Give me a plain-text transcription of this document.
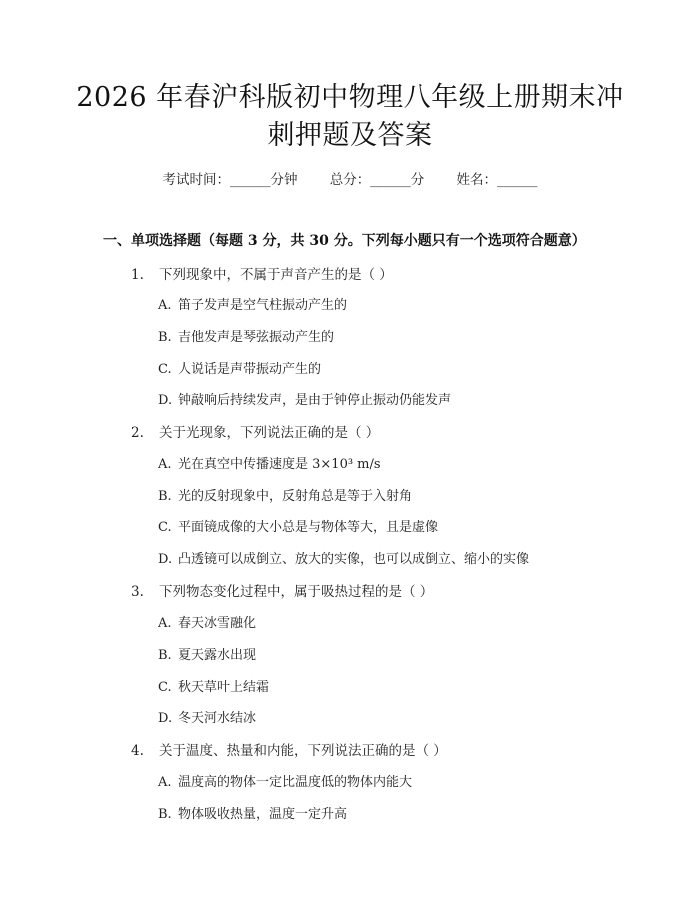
2026 年春沪科版初中物理八年级上册期末冲
刺押题及答案
考试时间：______分钟 总分：______分 姓名：______
一、单项选择题（每题 3 分，共 30 分。下列每小题只有一个选项符合题意）
1. 下列现象中，不属于声音产生的是（ ）
A. 笛子发声是空气柱振动产生的
B. 吉他发声是琴弦振动产生的
C. 人说话是声带振动产生的
D. 钟敲响后持续发声，是由于钟停止振动仍能发声
2. 关于光现象，下列说法正确的是（ ）
A. 光在真空中传播速度是 3×10³ m/s
B. 光的反射现象中，反射角总是等于入射角
C. 平面镜成像的大小总是与物体等大，且是虚像
D. 凸透镜可以成倒立、放大的实像，也可以成倒立、缩小的实像
3. 下列物态变化过程中，属于吸热过程的是（ ）
A. 春天冰雪融化
B. 夏天露水出现
C. 秋天草叶上结霜
D. 冬天河水结冰
4. 关于温度、热量和内能，下列说法正确的是（ ）
A. 温度高的物体一定比温度低的物体内能大
B. 物体吸收热量，温度一定升高
